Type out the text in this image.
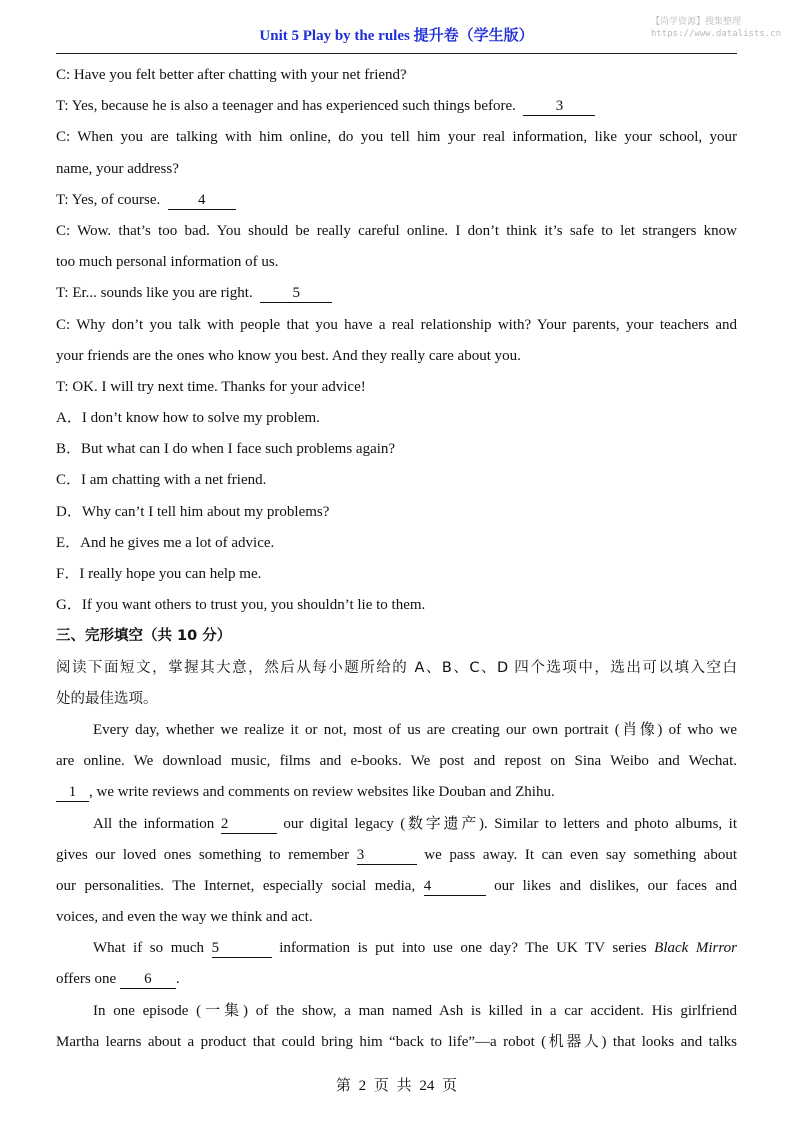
Unit 5 Play by the rules 提升卷（学生版）
【尚学资源】搜集整理
https://www.datalists.cn
C: Have you felt better after chatting with your net friend?
T: Yes, because he is also a teenager and has experienced such things before.	3
C: When you are talking with him online, do you tell him your real information, like your school, your
name, your address?
T: Yes, of course.	4
C: Wow. that’s too bad. You should be really careful online. I don’t think it’s safe to let strangers know
too much personal information of us.
T: Er... sounds like you are right.	5
C: Why don’t you talk with people that you have a real relationship with? Your parents, your teachers and
your friends are the ones who know you best. And they really care about you.
T: OK. I will try next time. Thanks for your advice!
A．I don’t know how to solve my problem.
B．But what can I do when I face such problems again?
C．I am chatting with a net friend.
D．Why can’t I tell him about my problems?
E．And he gives me a lot of advice.
F．I really hope you can help me.
G．If you want others to trust you, you shouldn’t lie to them.
三、完形填空（共 10 分）
阅读下面短文，掌握其大意，然后从每小题所给的 A、B、C、D 四个选项中，选出可以填入空白
处的最佳选项。
Every day, whether we realize it or not, most of us are creating our own portrait (肖像) of who we
are online. We download music, films and e-books. We post and repost on Sina Weibo and Wechat.
1 , we write reviews and comments on review websites like Douban and Zhihu.
All the information 2	our digital legacy (数字遗产). Similar to letters and photo albums, it
gives our loved ones something to remember 3	we pass away. It can even say something about
our personalities. The Internet, especially social media, 4	our likes and dislikes, our faces and
voices, and even the way we think and act.
What if so much 5	information is put into use one day? The UK TV series Black Mirror
offers one 6 .
In one episode (一集) of the show, a man named Ash is killed in a car accident. His girlfriend
Martha learns about a product that could bring him “back to life”—a robot (机器人) that looks and talks
第 2 页 共 24 页
